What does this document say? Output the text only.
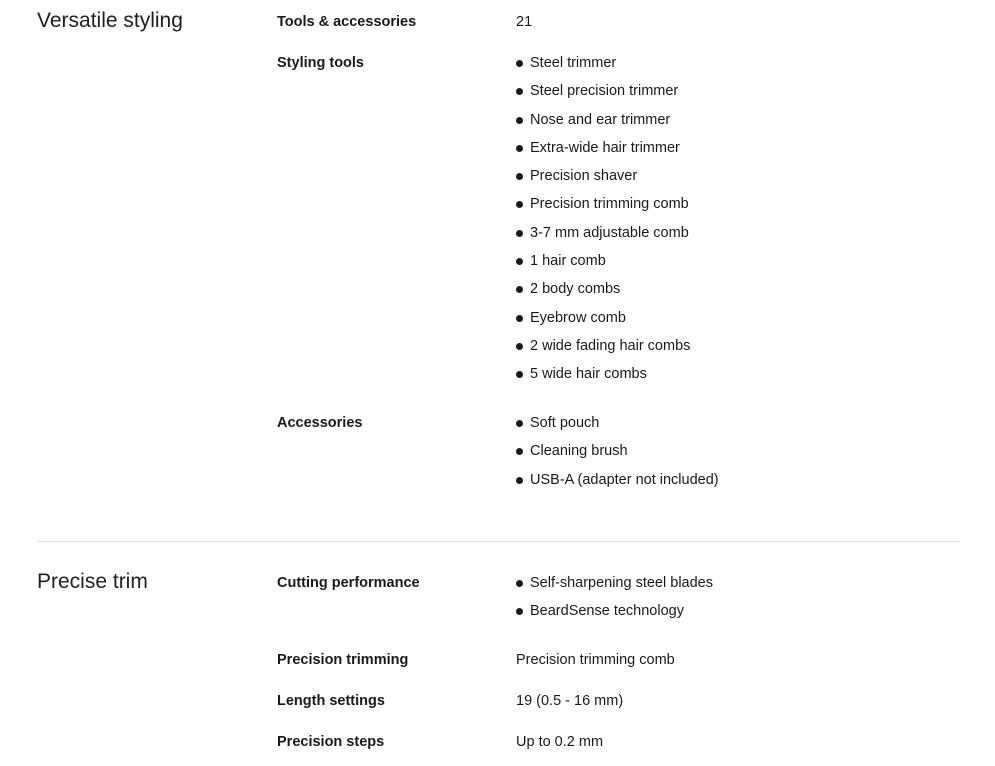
Versatile styling	Tools & accessories	21
Styling tools	Steel trimmer
Steel precision trimmer
Nose and ear trimmer
Extra-wide hair trimmer
Precision shaver
Precision trimming comb
3-7 mm adjustable comb
1 hair comb
2 body combs
Eyebrow comb
2 wide fading hair combs
5 wide hair combs
Accessories	Soft pouch
Cleaning brush
USB-A (adapter not included)
Precise trim	Cutting performance	Self-sharpening steel blades
BeardSense technology
Precision trimming	Precision trimming comb
Length settings	19 (0.5 - 16 mm)
Precision steps	Up to 0.2 mm
